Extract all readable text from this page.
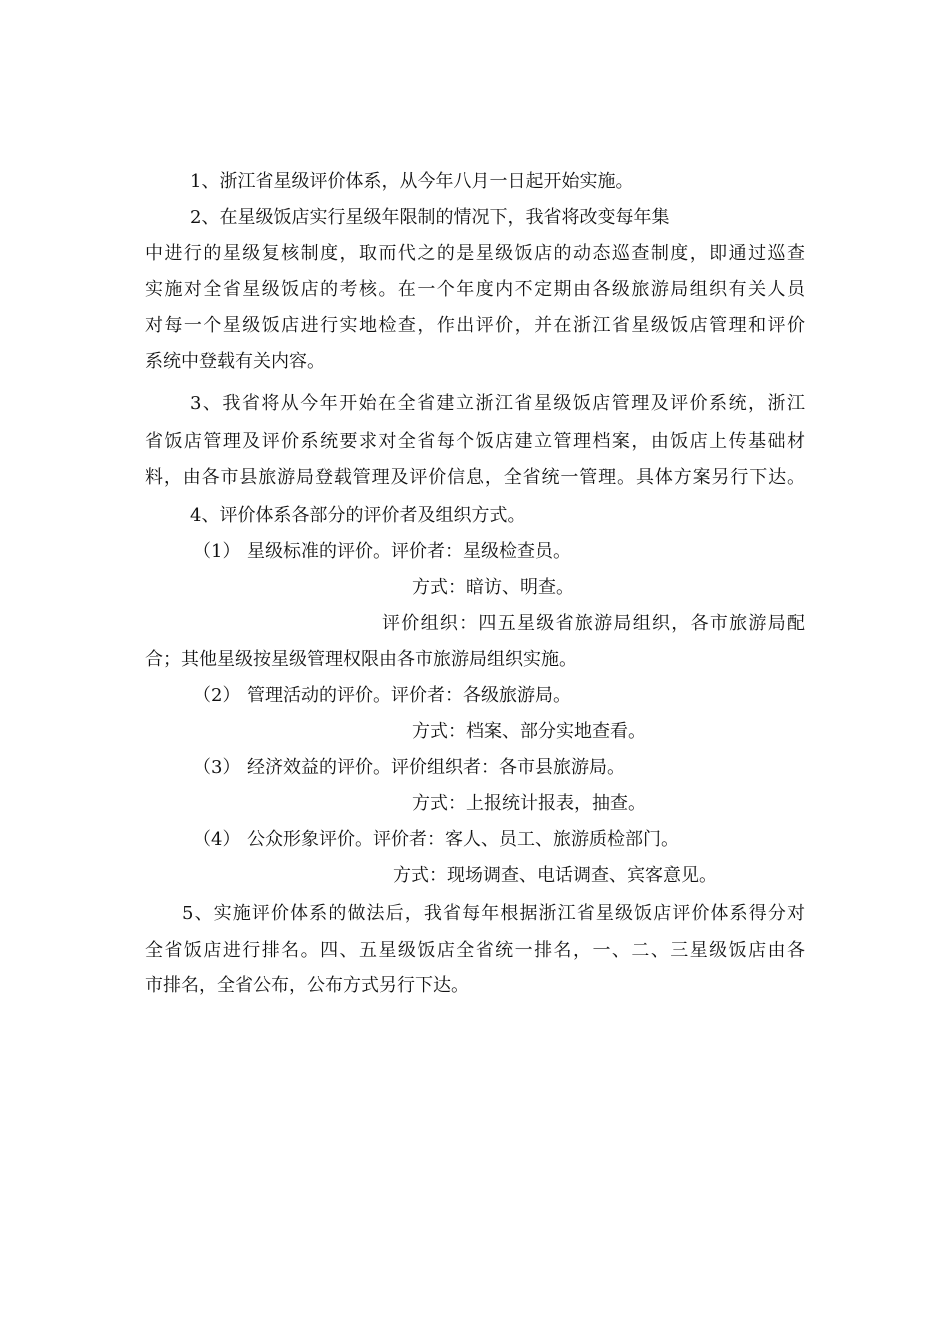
1、浙江省星级评价体系，从今年八月一日起开始实施。
2、在星级饭店实行星级年限制的情况下，我省将改变每年集
中进行的星级复核制度，取而代之的是星级饭店的动态巡查制度，即通过巡查
实施对全省星级饭店的考核。在一个年度内不定期由各级旅游局组织有关人员
对每一个星级饭店进行实地检查，作出评价，并在浙江省星级饭店管理和评价
系统中登载有关内容。
3、我省将从今年开始在全省建立浙江省星级饭店管理及评价系统，浙江
省饭店管理及评价系统要求对全省每个饭店建立管理档案，由饭店上传基础材
料，由各市县旅游局登载管理及评价信息，全省统一管理。具体方案另行下达。
4、评价体系各部分的评价者及组织方式。
（1） 星级标准的评价。评价者：星级检查员。
方式：暗访、明查。
评价组织：四五星级省旅游局组织，各市旅游局配
合；其他星级按星级管理权限由各市旅游局组织实施。
（2） 管理活动的评价。评价者：各级旅游局。
方式：档案、部分实地查看。
（3） 经济效益的评价。评价组织者：各市县旅游局。
方式：上报统计报表，抽查。
（4） 公众形象评价。评价者：客人、员工、旅游质检部门。
方式：现场调查、电话调查、宾客意见。
5、实施评价体系的做法后，我省每年根据浙江省星级饭店评价体系得分对
全省饭店进行排名。四、五星级饭店全省统一排名，一、二、三星级饭店由各
市排名，全省公布，公布方式另行下达。
